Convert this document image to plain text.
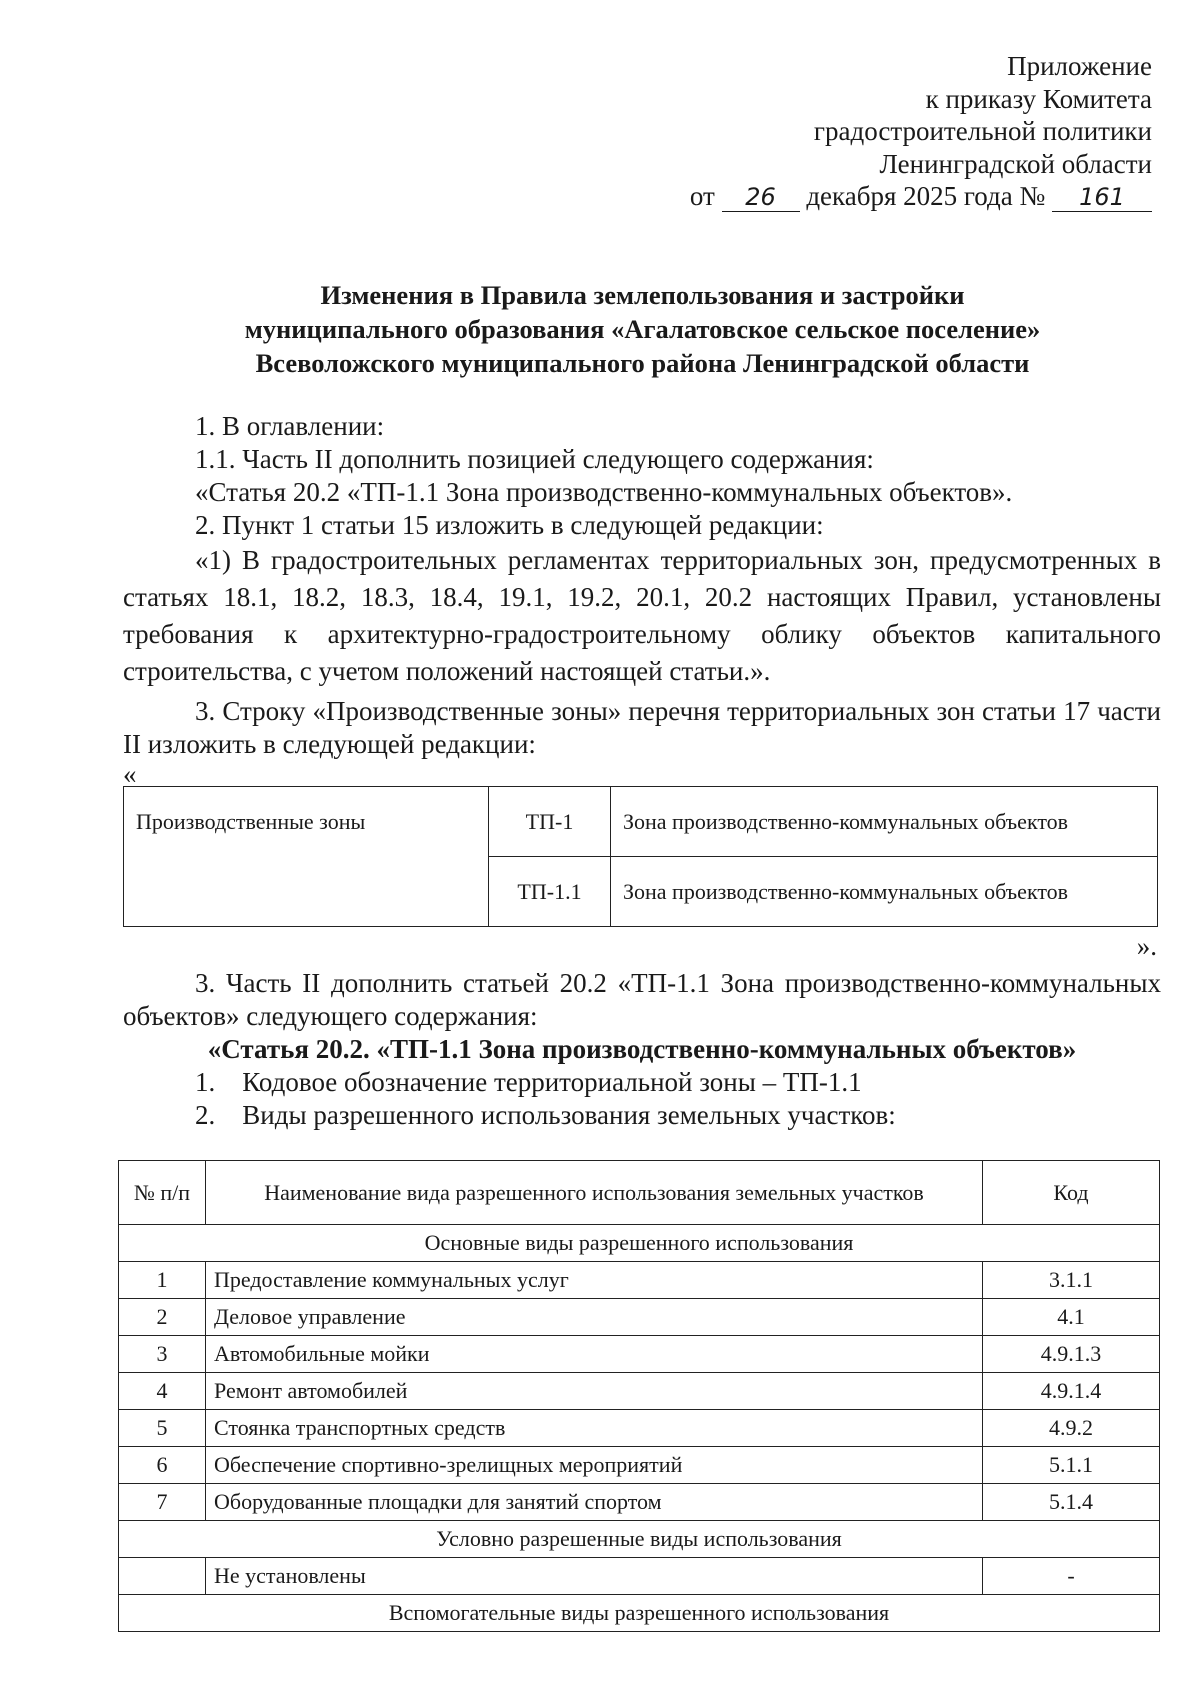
Приложение
к приказу Комитета
градостроительной политики
Ленинградской области
от 26 декабря 2025 года № 161
Изменения в Правила землепользования и застройки
муниципального образования «Агалатовское сельское поселение»
Всеволожского муниципального района Ленинградской области

1. В оглавлении:

1.1. Часть II дополнить позицией следующего содержания:

«Статья 20.2 «ТП-1.1 Зона производственно-коммунальных объектов».

2. Пункт 1 статьи 15 изложить в следующей редакции:

«1) В градостроительных регламентах территориальных зон, предусмотренных в статьях 18.1, 18.2, 18.3, 18.4, 19.1, 19.2, 20.1, 20.2 настоящих Правил, установлены требования к архитектурно-градостроительному облику объектов капитального строительства, с учетом положений настоящей статьи.».

3. Строку «Производственные зоны» перечня территориальных зон статьи 17 части II изложить в следующей редакции:

«

Производственные зоны	ТП-1	Зона производственно-коммунальных объектов
	ТП-1.1	Зона производственно-коммунальных объектов

».

3. Часть II дополнить статьей 20.2 «ТП-1.1 Зона производственно-коммунальных объектов» следующего содержания:

«Статья 20.2. «ТП-1.1 Зона производственно-коммунальных объектов»

1. Кодовое обозначение территориальной зоны – ТП-1.1

2. Виды разрешенного использования земельных участков:

№ п/п	Наименование вида разрешенного использования земельных участков	Код
Основные виды разрешенного использования		
1	Предоставление коммунальных услуг	3.1.1
2	Деловое управление	4.1
3	Автомобильные мойки	4.9.1.3
4	Ремонт автомобилей	4.9.1.4
5	Стоянка транспортных средств	4.9.2
6	Обеспечение спортивно-зрелищных мероприятий	5.1.1
7	Оборудованные площадки для занятий спортом	5.1.4
Условно разрешенные виды использования		
	Не установлены	-
Вспомогательные виды разрешенного использования		
